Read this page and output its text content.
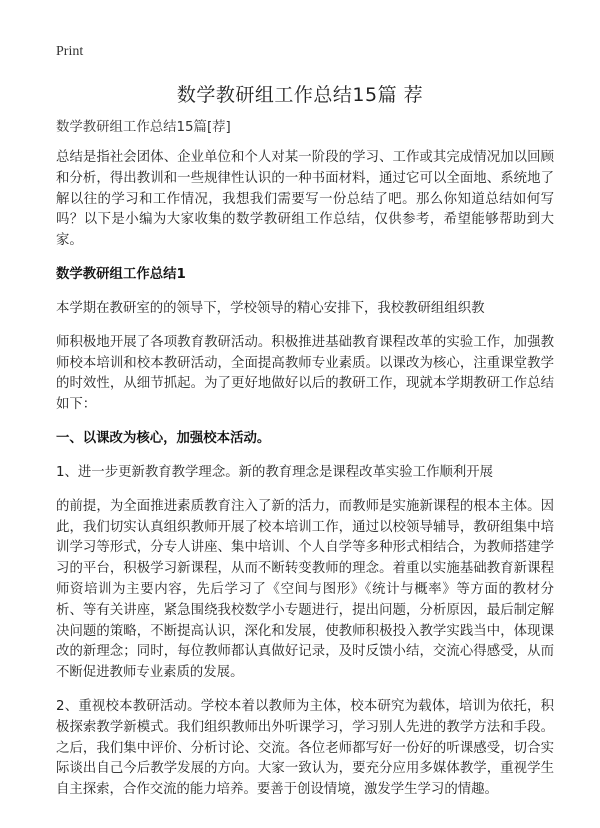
Print
数学教研组工作总结15篇 荐
数学教研组工作总结15篇[荐]

总结是指社会团体、企业单位和个人对某一阶段的学习、工作或其完成情况加以回顾和分析，得出教训和一些规律性认识的一种书面材料，通过它可以全面地、系统地了解以往的学习和工作情况，我想我们需要写一份总结了吧。那么你知道总结如何写吗？以下是小编为大家收集的数学教研组工作总结，仅供参考，希望能够帮助到大家。

数学教研组工作总结1

本学期在教研室的的领导下，学校领导的精心安排下，我校教研组组织教

师积极地开展了各项教育教研活动。积极推进基础教育课程改革的实验工作，加强教师校本培训和校本教研活动，全面提高教师专业素质。以课改为核心，注重课堂教学的时效性，从细节抓起。为了更好地做好以后的教研工作，现就本学期教研工作总结如下：

一、以课改为核心，加强校本活动。

1、进一步更新教育教学理念。新的教育理念是课程改革实验工作顺利开展

的前提，为全面推进素质教育注入了新的活力，而教师是实施新课程的根本主体。因此，我们切实认真组织教师开展了校本培训工作，通过以校领导辅导，教研组集中培训学习等形式，分专人讲座、集中培训、个人自学等多种形式相结合，为教师搭建学习的平台，积极学习新课程，从而不断转变教师的理念。着重以实施基础教育新课程师资培训为主要内容，先后学习了《空间与图形》《统计与概率》等方面的教材分析、等有关讲座，紧急围绕我校数学小专题进行，提出问题，分析原因，最后制定解决问题的策略，不断提高认识，深化和发展，使教师积极投入教学实践当中，体现课改的新理念；同时，每位教师都认真做好记录，及时反馈小结，交流心得感受，从而不断促进教师专业素质的发展。

2、重视校本教研活动。学校本着以教师为主体，校本研究为载体，培训为依托，积极探索教学新模式。我们组织教师出外听课学习，学习别人先进的教学方法和手段。之后，我们集中评价、分析讨论、交流。各位老师都写好一份好的听课感受，切合实际谈出自己今后教学发展的方向。大家一致认为，要充分应用多媒体教学，重视学生自主探索，合作交流的能力培养。要善于创设情境，激发学生学习的情趣。
